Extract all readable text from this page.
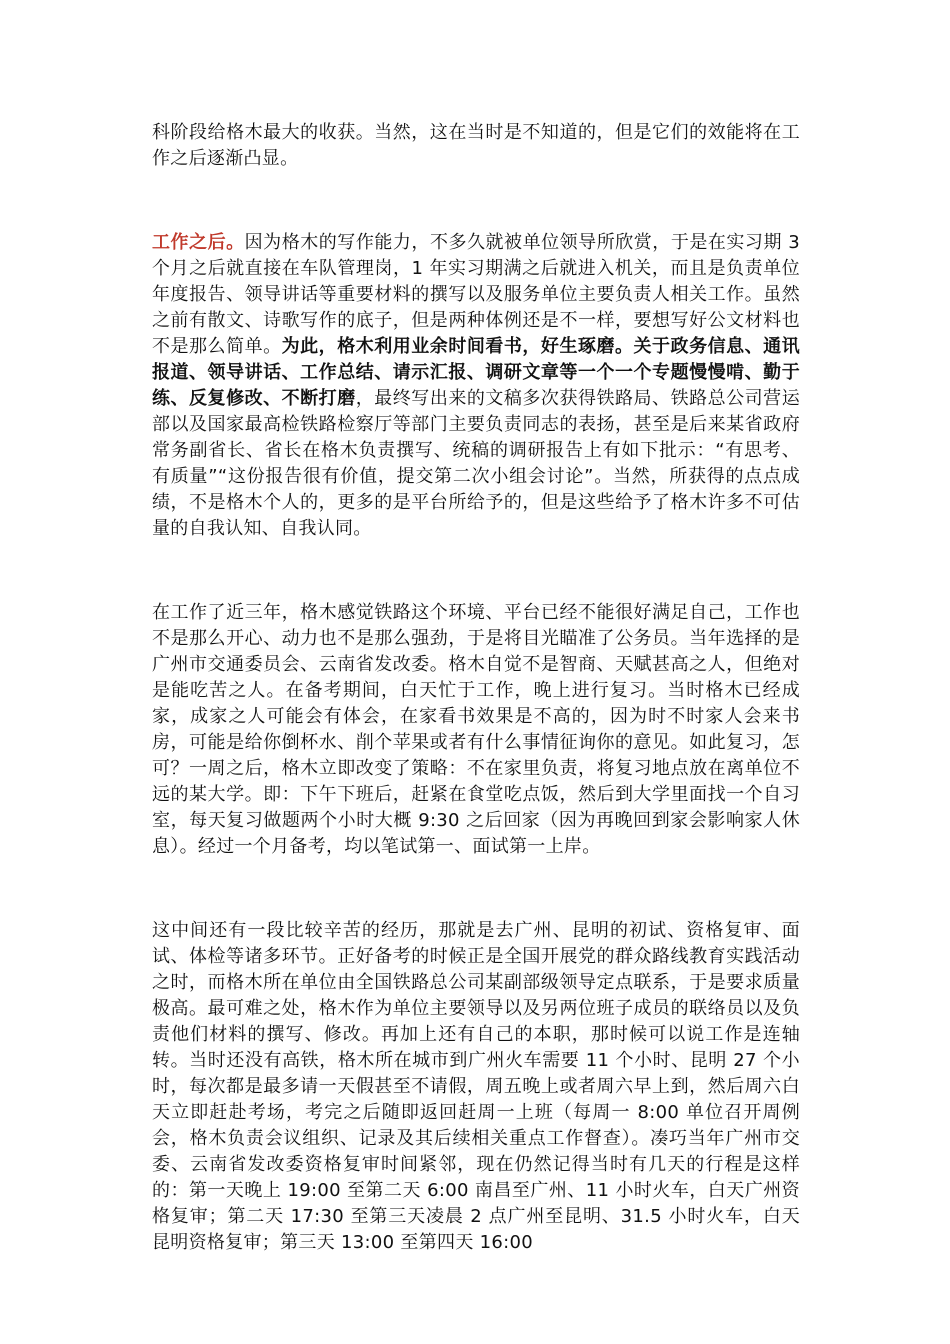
科阶段给格木最大的收获。当然，这在当时是不知道的，但是它们的效能将在工作之后逐渐凸显。

工作之后。因为格木的写作能力，不多久就被单位领导所欣赏，于是在实习期 3 个月之后就直接在车队管理岗，1 年实习期满之后就进入机关，而且是负责单位年度报告、领导讲话等重要材料的撰写以及服务单位主要负责人相关工作。虽然之前有散文、诗歌写作的底子，但是两种体例还是不一样，要想写好公文材料也不是那么简单。为此，格木利用业余时间看书，好生琢磨。关于政务信息、通讯报道、领导讲话、工作总结、请示汇报、调研文章等一个一个专题慢慢啃、勤于练、反复修改、不断打磨，最终写出来的文稿多次获得铁路局、铁路总公司营运部以及国家最高检铁路检察厅等部门主要负责同志的表扬，甚至是后来某省政府常务副省长、省长在格木负责撰写、统稿的调研报告上有如下批示：“有思考、有质量”“这份报告很有价值，提交第二次小组会讨论”。当然，所获得的点点成绩，不是格木个人的，更多的是平台所给予的，但是这些给予了格木许多不可估量的自我认知、自我认同。

在工作了近三年，格木感觉铁路这个环境、平台已经不能很好满足自己，工作也不是那么开心、动力也不是那么强劲，于是将目光瞄准了公务员。当年选择的是广州市交通委员会、云南省发改委。格木自觉不是智商、天赋甚高之人，但绝对是能吃苦之人。在备考期间，白天忙于工作，晚上进行复习。当时格木已经成家，成家之人可能会有体会，在家看书效果是不高的，因为时不时家人会来书房，可能是给你倒杯水、削个苹果或者有什么事情征询你的意见。如此复习，怎可？一周之后，格木立即改变了策略：不在家里负责，将复习地点放在离单位不远的某大学。即：下午下班后，赶紧在食堂吃点饭，然后到大学里面找一个自习室，每天复习做题两个小时大概 9:30 之后回家（因为再晚回到家会影响家人休息）。经过一个月备考，均以笔试第一、面试第一上岸。

这中间还有一段比较辛苦的经历，那就是去广州、昆明的初试、资格复审、面试、体检等诸多环节。正好备考的时候正是全国开展党的群众路线教育实践活动之时，而格木所在单位由全国铁路总公司某副部级领导定点联系，于是要求质量极高。最可难之处，格木作为单位主要领导以及另两位班子成员的联络员以及负责他们材料的撰写、修改。再加上还有自己的本职，那时候可以说工作是连轴转。当时还没有高铁，格木所在城市到广州火车需要 11 个小时、昆明 27 个小时，每次都是最多请一天假甚至不请假，周五晚上或者周六早上到，然后周六白天立即赶赴考场，考完之后随即返回赶周一上班（每周一 8:00 单位召开周例会，格木负责会议组织、记录及其后续相关重点工作督查）。凑巧当年广州市交委、云南省发改委资格复审时间紧邻，现在仍然记得当时有几天的行程是这样的：第一天晚上 19:00 至第二天 6:00 南昌至广州、11 小时火车，白天广州资格复审；第二天 17:30 至第三天凌晨 2 点广州至昆明、31.5 小时火车，白天昆明资格复审；第三天 13:00 至第四天 16:00
